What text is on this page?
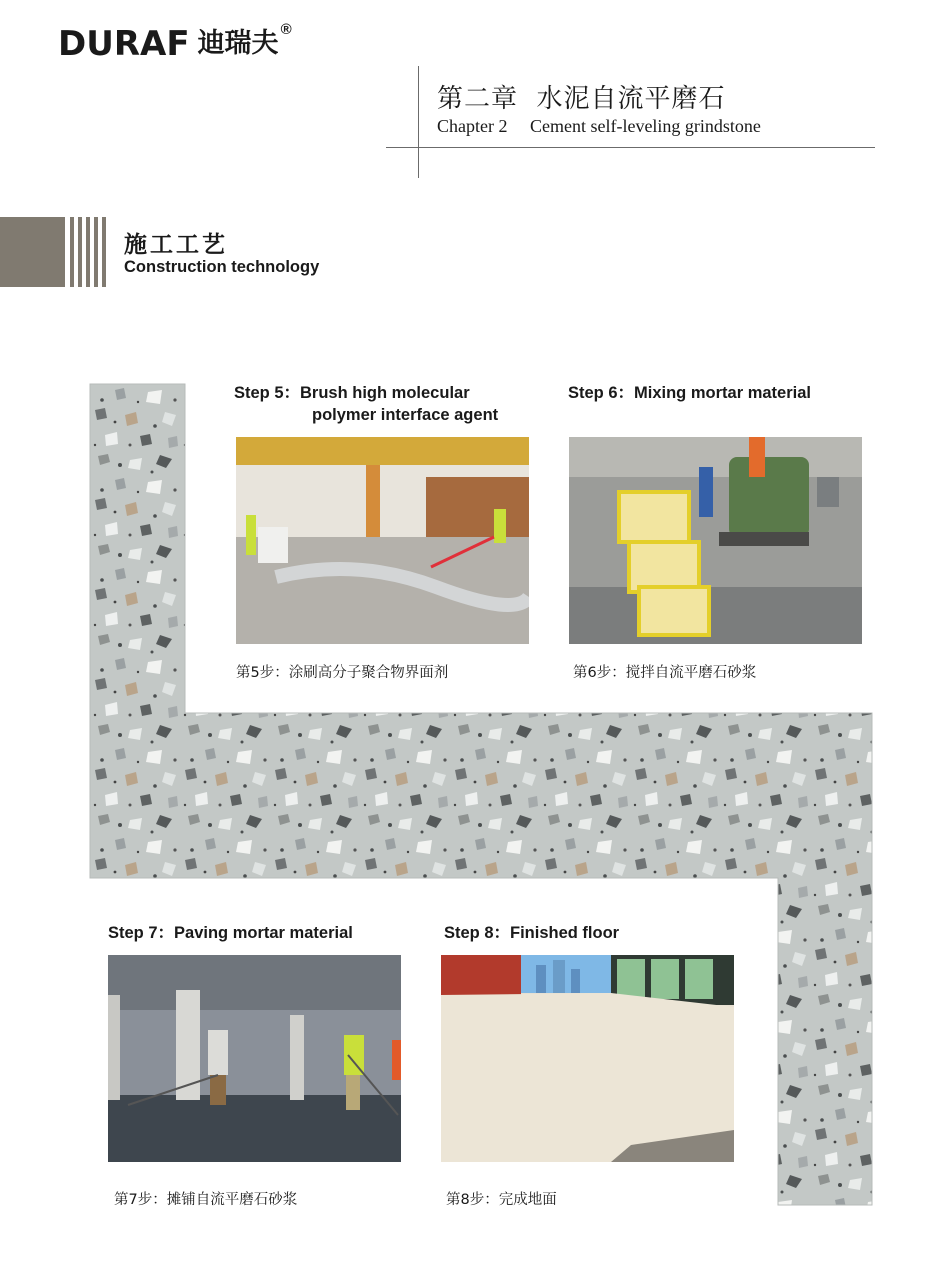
DURAF 迪瑞夫 ®
第二章  水泥自流平磨石
Chapter 2     Cement self-leveling grindstone
施工工艺
Construction technology
Step 5：Brush high molecular
polymer interface agent
第5步：涂刷高分子聚合物界面剂
Step 6：Mixing mortar material
第6步：搅拌自流平磨石砂浆
Step 7：Paving mortar material
第7步：摊铺自流平磨石砂浆
Step 8：Finished floor
第8步：完成地面
